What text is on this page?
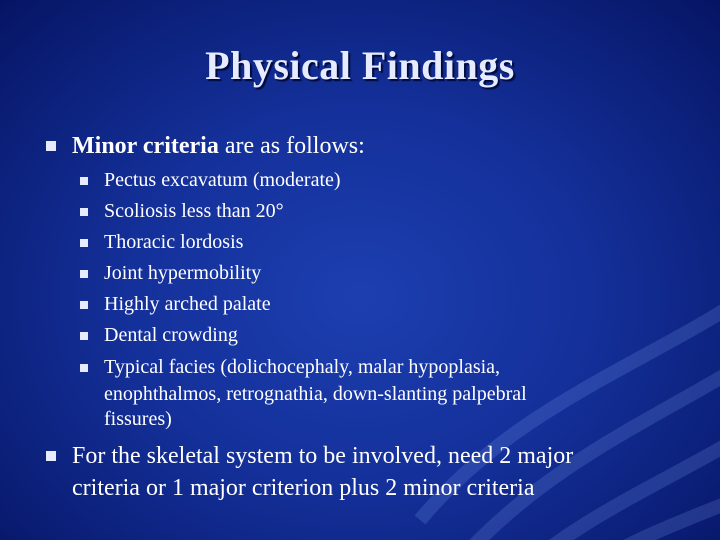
Physical Findings
Minor criteria are as follows:
Pectus excavatum (moderate)
Scoliosis less than 20°
Thoracic lordosis
Joint hypermobility
Highly arched palate
Dental crowding
Typical facies (dolichocephaly, malar hypoplasia,
enophthalmos, retrognathia, down-slanting palpebral
fissures)
For the skeletal system to be involved, need 2 major
criteria or 1 major criterion plus 2 minor criteria
